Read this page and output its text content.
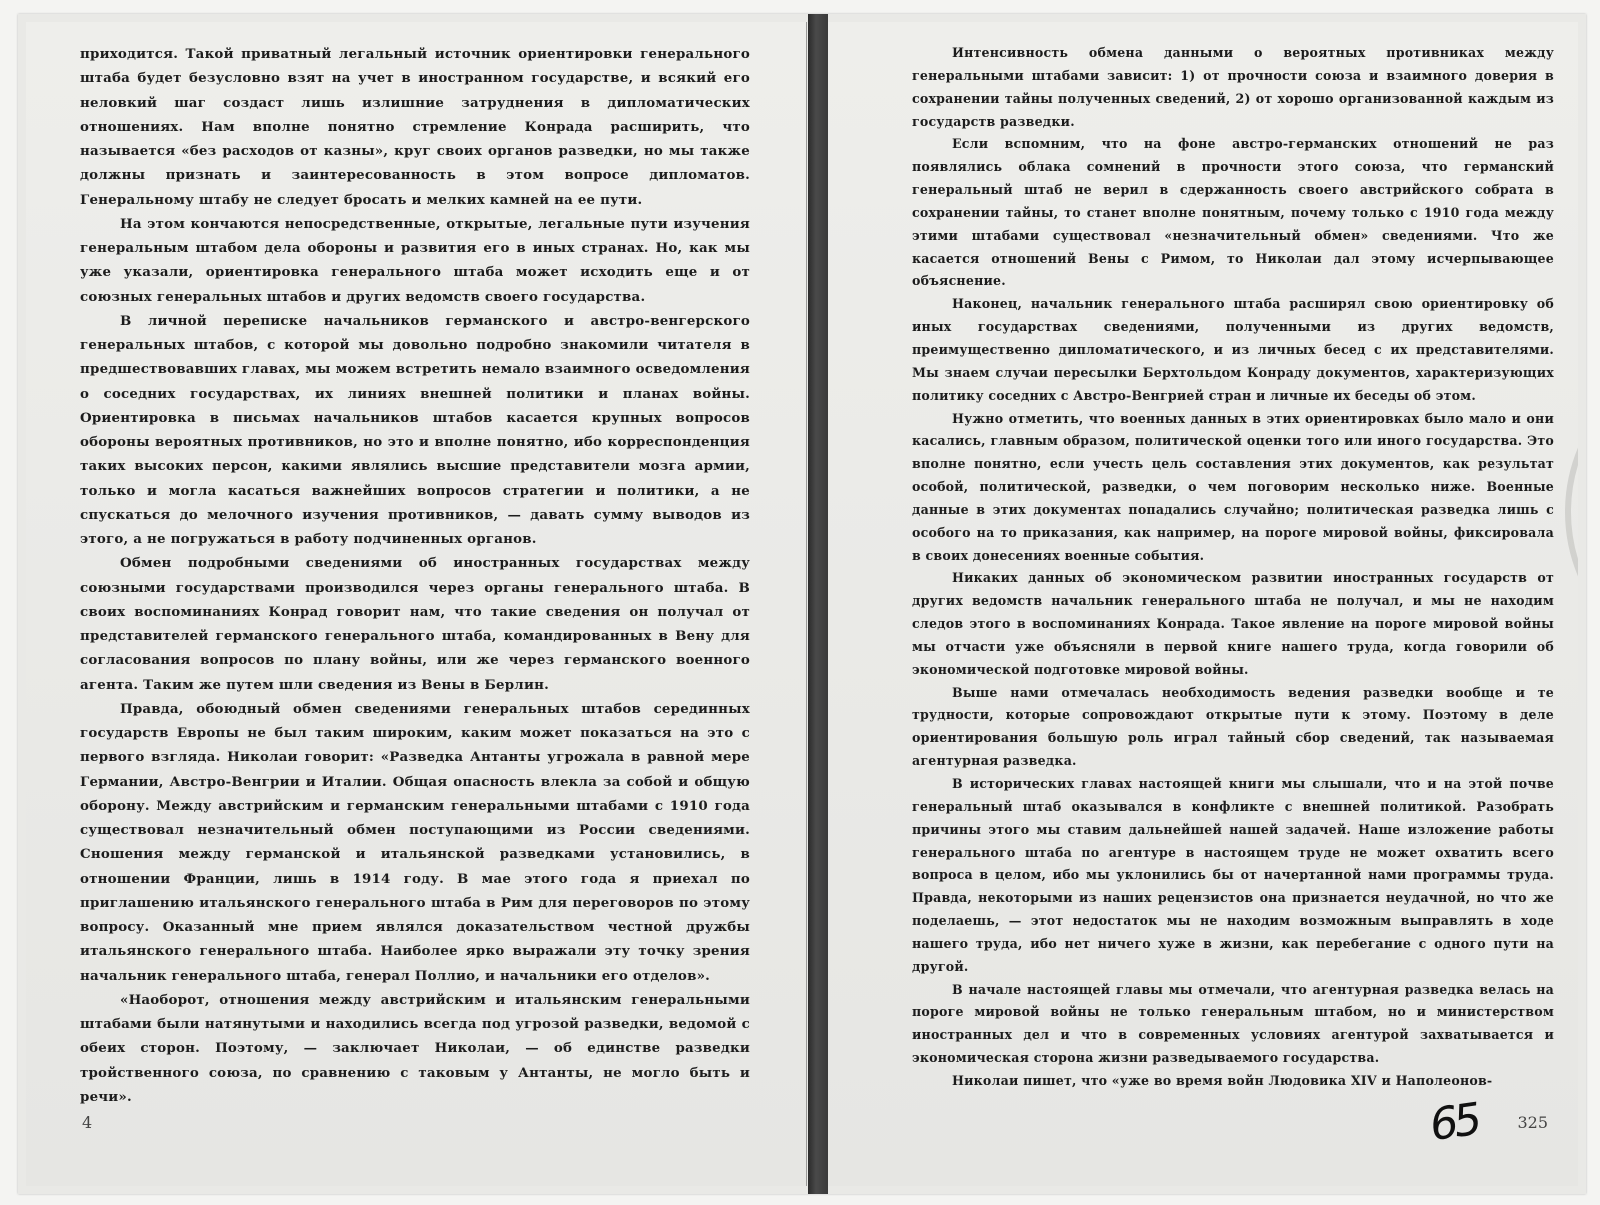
приходится. Такой приватный легальный источник ориентировки генерального штаба будет безусловно взят на учет в иностранном государстве, и всякий его неловкий шаг создаст лишь излишние затруднения в дипломатических отношениях. Нам вполне понятно стремление Конрада расширить, что называется «без расходов от казны», круг своих органов разведки, но мы также должны признать и заинтересованность в этом вопросе дипломатов. Генеральному штабу не следует бросать и мелких камней на ее пути.

На этом кончаются непосредственные, открытые, легальные пути изучения генеральным штабом дела обороны и развития его в иных странах. Но, как мы уже указали, ориентировка генерального штаба может исходить еще и от союзных генеральных штабов и других ведомств своего государства.

В личной переписке начальников германского и австро-венгерского генеральных штабов, с которой мы довольно подробно знакомили читателя в предшествовавших главах, мы можем встретить немало взаимного осведомления о соседних государствах, их линиях внешней политики и планах войны. Ориентировка в письмах начальников штабов касается крупных вопросов обороны вероятных противников, но это и вполне понятно, ибо корреспонденция таких высоких персон, какими являлись высшие представители мозга армии, только и могла касаться важнейших вопросов стратегии и политики, а не спускаться до мелочного изучения противников, — давать сумму выводов из этого, а не погружаться в работу подчиненных органов.

Обмен подробными сведениями об иностранных государствах между союзными государствами производился через органы генерального штаба. В своих воспоминаниях Конрад говорит нам, что такие сведения он получал от представителей германского генерального штаба, командированных в Вену для согласования вопросов по плану войны, или же через германского военного агента. Таким же путем шли сведения из Вены в Берлин.

Правда, обоюдный обмен сведениями генеральных штабов серединных государств Европы не был таким широким, каким может показаться на это с первого взгляда. Николаи говорит: «Разведка Антанты угрожала в равной мере Германии, Австро-Венгрии и Италии. Общая опасность влекла за собой и общую оборону. Между австрийским и германским генеральными штабами с 1910 года существовал незначительный обмен поступающими из России сведениями. Сношения между германской и итальянской разведками установились, в отношении Франции, лишь в 1914 году. В мае этого года я приехал по приглашению итальянского генерального штаба в Рим для переговоров по этому вопросу. Оказанный мне прием являлся доказательством честной дружбы итальянского генерального штаба. Наиболее ярко выражали эту точку зрения начальник генерального штаба, генерал Поллио, и начальники его отделов».

«Наоборот, отношения между австрийским и итальянским генеральными штабами были натянутыми и находились всегда под угрозой разведки, ведомой с обеих сторон. Поэтому, — заключает Николаи, — об единстве разведки тройственного союза, по сравнению с таковым у Антанты, не могло быть и речи».

4

Интенсивность обмена данными о вероятных противниках между генеральными штабами зависит: 1) от прочности союза и взаимного доверия в сохранении тайны полученных сведений, 2) от хорошо организованной каждым из государств разведки.

Если вспомним, что на фоне австро-германских отношений не раз появлялись облака сомнений в прочности этого союза, что германский генеральный штаб не верил в сдержанность своего австрийского собрата в сохранении тайны, то станет вполне понятным, почему только с 1910 года между этими штабами существовал «незначительный обмен» сведениями. Что же касается отношений Вены с Римом, то Николаи дал этому исчерпывающее объяснение.

Наконец, начальник генерального штаба расширял свою ориентировку об иных государствах сведениями, полученными из других ведомств, преимущественно дипломатического, и из личных бесед с их представителями. Мы знаем случаи пересылки Берхтольдом Конраду документов, характеризующих политику соседних с Австро-Венгрией стран и личные их беседы об этом.

Нужно отметить, что военных данных в этих ориентировках было мало и они касались, главным образом, политической оценки того или иного государства. Это вполне понятно, если учесть цель составления этих документов, как результат особой, политической, разведки, о чем поговорим несколько ниже. Военные данные в этих документах попадались случайно; политическая разведка лишь с особого на то приказания, как например, на пороге мировой войны, фиксировала в своих донесениях военные события.

Никаких данных об экономическом развитии иностранных государств от других ведомств начальник генерального штаба не получал, и мы не находим следов этого в воспоминаниях Конрада. Такое явление на пороге мировой войны мы отчасти уже объясняли в первой книге нашего труда, когда говорили об экономической подготовке мировой войны.

Выше нами отмечалась необходимость ведения разведки вообще и те трудности, которые сопровождают открытые пути к этому. Поэтому в деле ориентирования большую роль играл тайный сбор сведений, так называемая агентурная разведка.

В исторических главах настоящей книги мы слышали, что и на этой почве генеральный штаб оказывался в конфликте с внешней политикой. Разобрать причины этого мы ставим дальнейшей нашей задачей. Наше изложение работы генерального штаба по агентуре в настоящем труде не может охватить всего вопроса в целом, ибо мы уклонились бы от начертанной нами программы труда. Правда, некоторыми из наших рецензистов она признается неудачной, но что же поделаешь, — этот недостаток мы не находим возможным выправлять в ходе нашего труда, ибо нет ничего хуже в жизни, как перебегание с одного пути на другой.

В начале настоящей главы мы отмечали, что агентурная разведка велась на пороге мировой войны не только генеральным штабом, но и министерством иностранных дел и что в современных условиях агентурой захватывается и экономическая сторона жизни разведываемого государства.

Николаи пишет, что «уже во время войн Людовика XIV и Наполеонов-

65 325
